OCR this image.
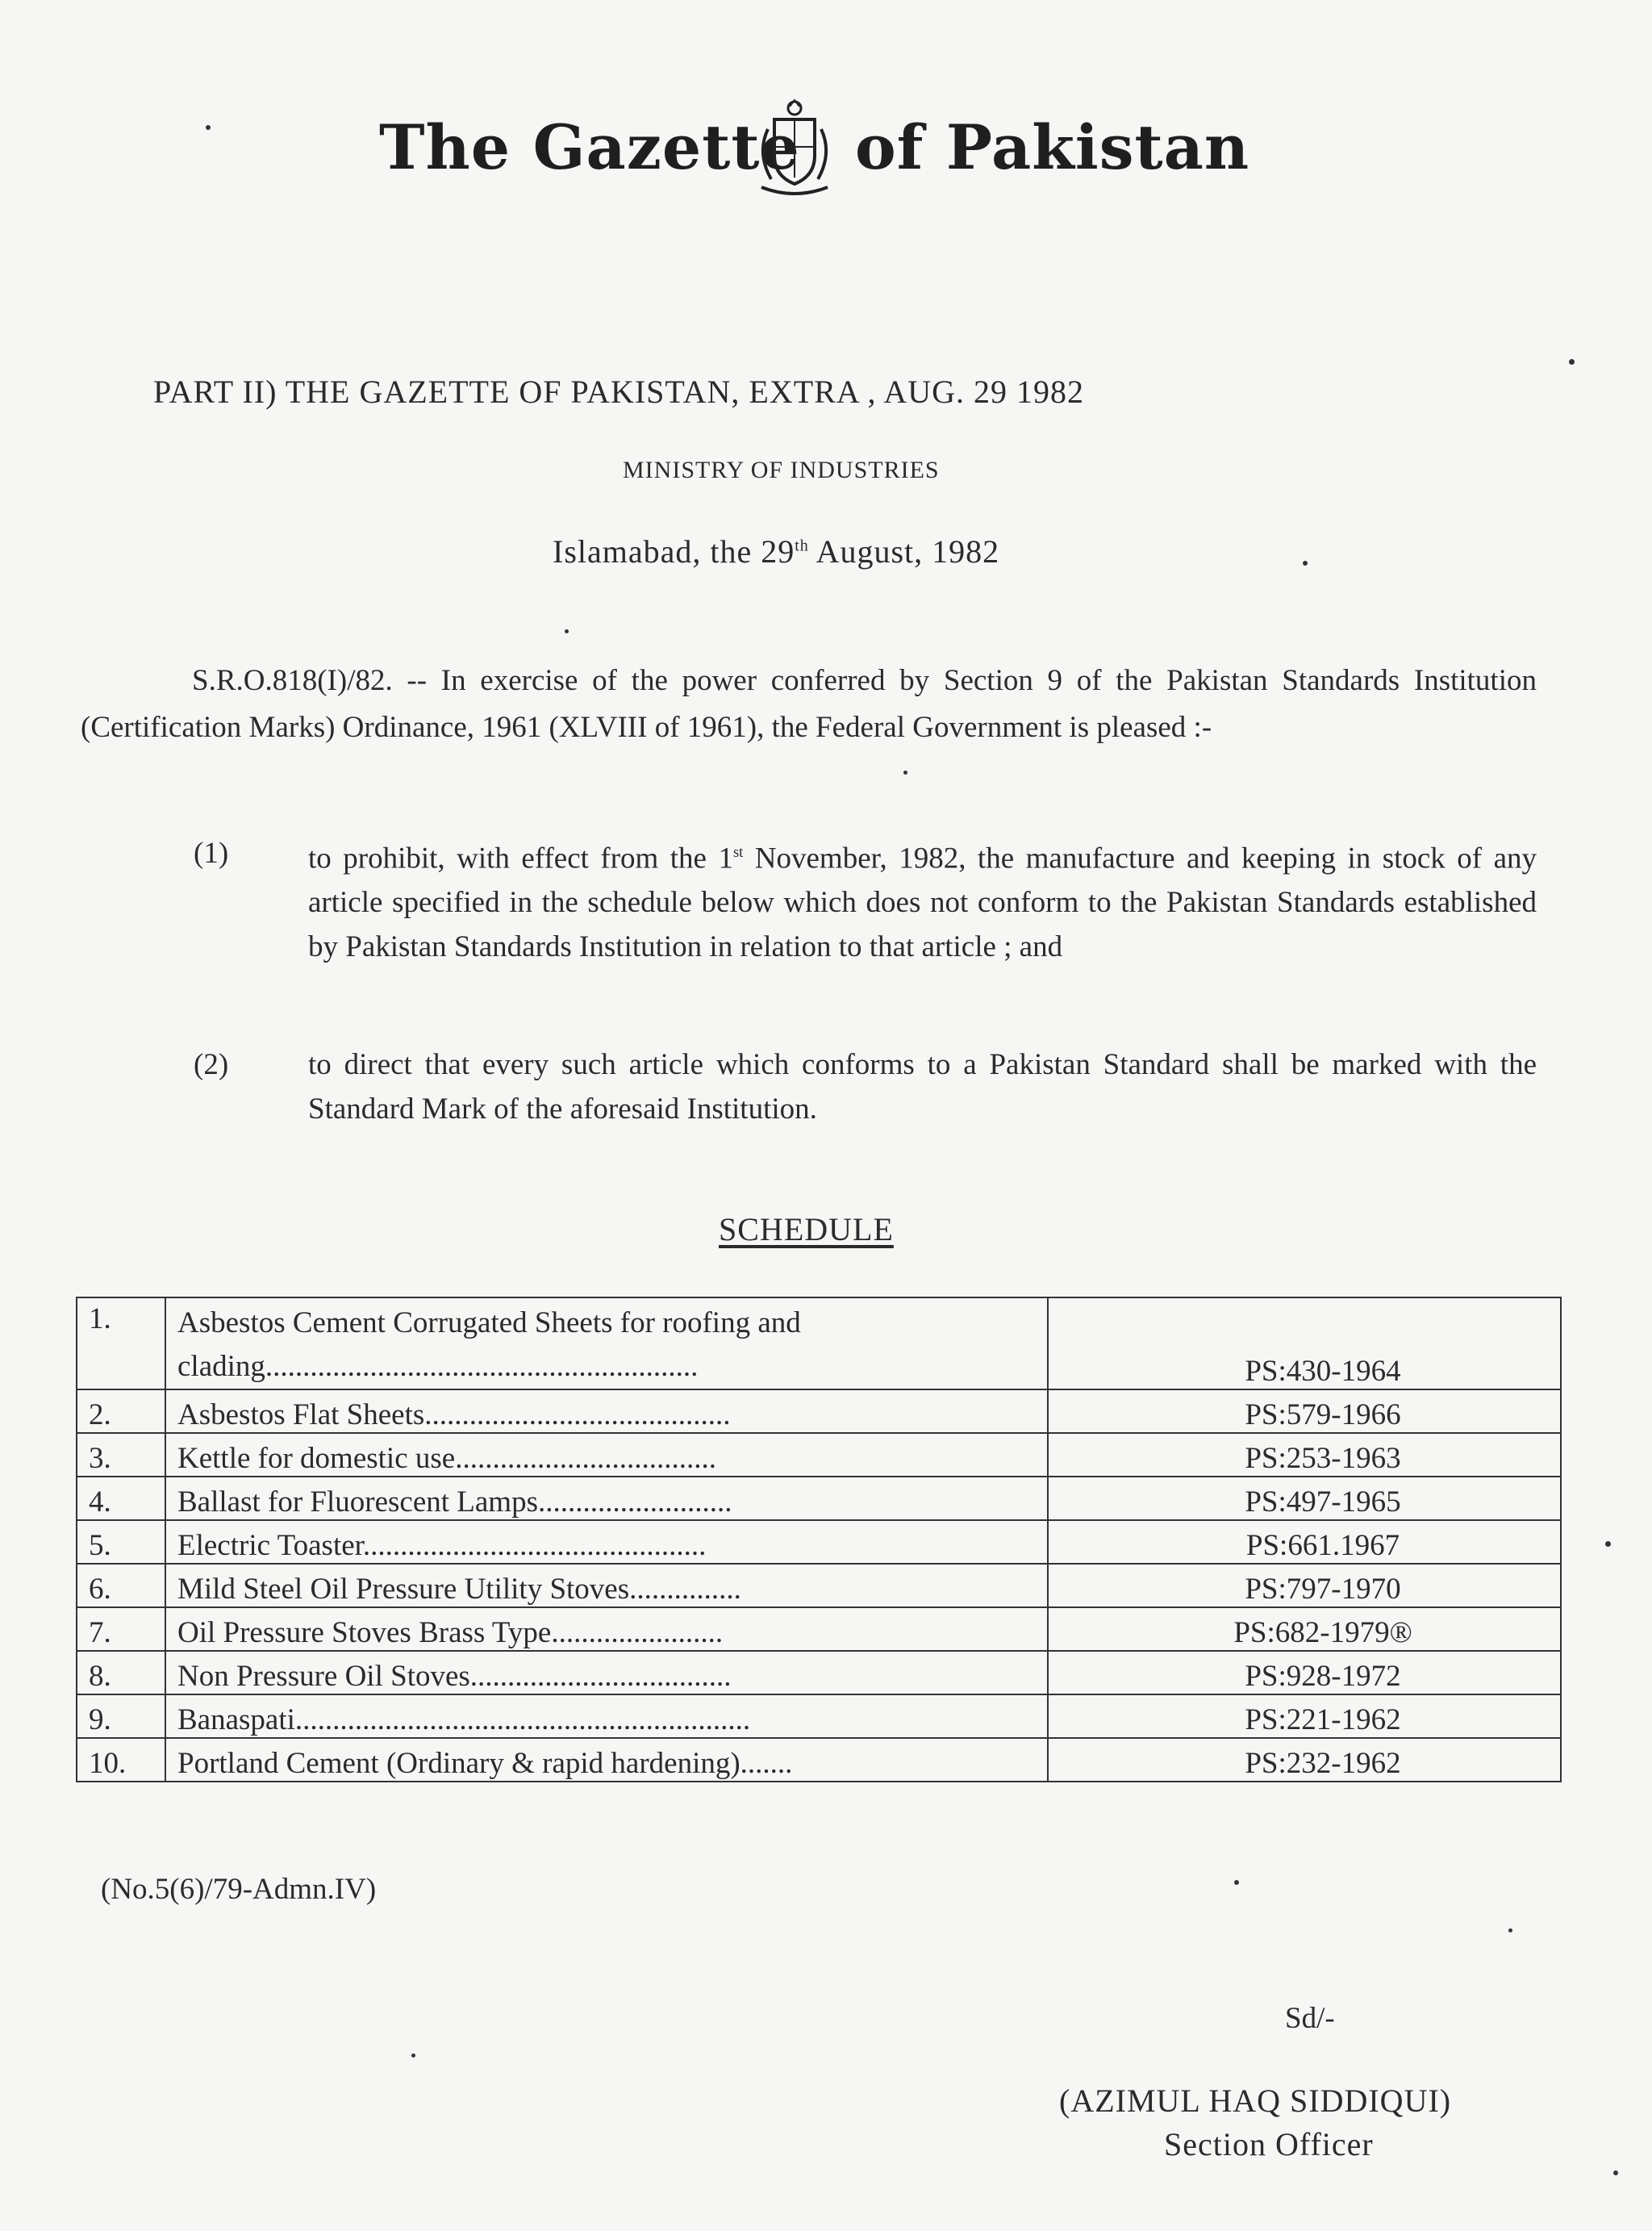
The Gazette of Pakistan
PART II) THE GAZETTE OF PAKISTAN, EXTRA , AUG. 29 1982
MINISTRY OF INDUSTRIES
Islamabad, the 29th August, 1982
S.R.O.818(I)/82. -- In exercise of the power conferred by Section 9 of the Pakistan Standards Institution (Certification Marks) Ordinance, 1961 (XLVIII of 1961), the Federal Government is pleased :-
(1)	to prohibit, with effect from the 1st November, 1982, the manufacture and keeping in stock of any article specified in the schedule below which does not conform to the Pakistan Standards established by Pakistan Standards Institution in relation to that article ; and
(2)	to direct that every such article which conforms to a Pakistan Standard shall be marked with the Standard Mark of the aforesaid Institution.
SCHEDULE
1.	Asbestos Cement Corrugated Sheets for roofing and clading..........................................................	PS:430-1964
2.	Asbestos Flat Sheets.........................................	PS:579-1966
3.	Kettle for domestic use...................................	PS:253-1963
4.	Ballast for Fluorescent Lamps..........................	PS:497-1965
5.	Electric Toaster..............................................	PS:661.1967
6.	Mild Steel Oil Pressure Utility Stoves...............	PS:797-1970
7.	Oil Pressure Stoves Brass Type.......................	PS:682-1979®
8.	Non Pressure Oil Stoves...................................	PS:928-1972
9.	Banaspati.............................................................	PS:221-1962
10.	Portland Cement (Ordinary & rapid hardening).......	PS:232-1962
(No.5(6)/79-Admn.IV)
Sd/-
(AZIMUL HAQ SIDDIQUI)
Section Officer
